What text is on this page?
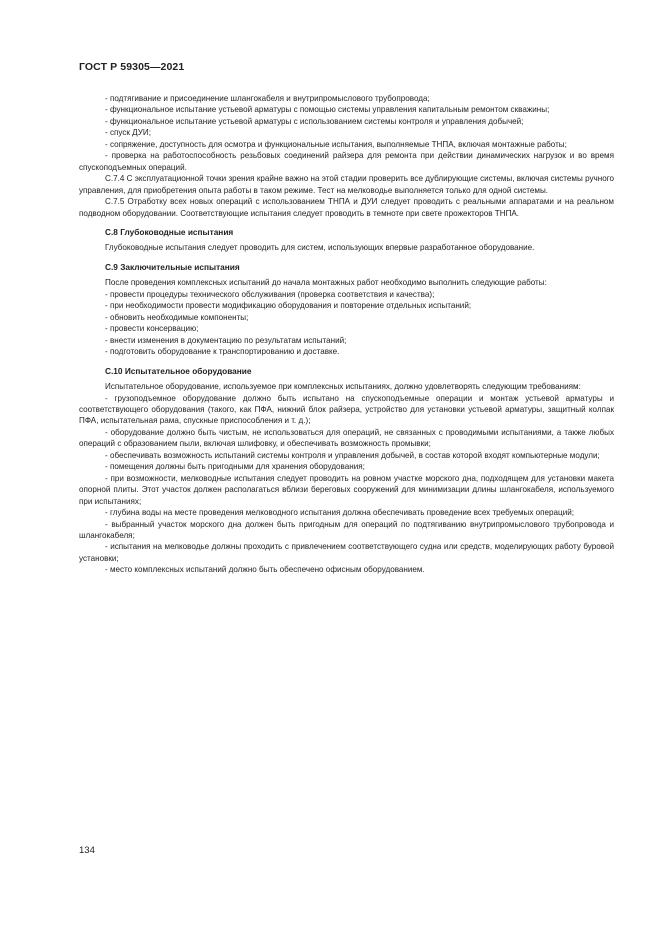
ГОСТ Р 59305—2021

- подтягивание и присоединение шлангокабеля и внутрипромыслового трубопровода;

- функциональное испытание устьевой арматуры с помощью системы управления капитальным ремонтом скважины;

- функциональное испытание устьевой арматуры с использованием системы контроля и управления добычей;

- спуск ДУИ;

- сопряжение, доступность для осмотра и функциональные испытания, выполняемые ТНПА, включая монтажные работы;

- проверка на работоспособность резьбовых соединений райзера для ремонта при действии динамических нагрузок и во время спускоподъемных операций.

С.7.4 С эксплуатационной точки зрения крайне важно на этой стадии проверить все дублирующие системы, включая системы ручного управления, для приобретения опыта работы в таком режиме. Тест на мелководье выполняется только для одной системы.

С.7.5 Отработку всех новых операций с использованием ТНПА и ДУИ следует проводить с реальными аппаратами и на реальном подводном оборудовании. Соответствующие испытания следует проводить в темноте при свете прожекторов ТНПА.

С.8 Глубоководные испытания

Глубоководные испытания следует проводить для систем, использующих впервые разработанное оборудование.

С.9 Заключительные испытания

После проведения комплексных испытаний до начала монтажных работ необходимо выполнить следующие работы:

- провести процедуры технического обслуживания (проверка соответствия и качества);

- при необходимости провести модификацию оборудования и повторение отдельных испытаний;

- обновить необходимые компоненты;

- провести консервацию;

- внести изменения в документацию по результатам испытаний;

- подготовить оборудование к транспортированию и доставке.

С.10 Испытательное оборудование

Испытательное оборудование, используемое при комплексных испытаниях, должно удовлетворять следующим требованиям:

- грузоподъемное оборудование должно быть испытано на спускоподъемные операции и монтаж устьевой арматуры и соответствующего оборудования (такого, как ПФА, нижний блок райзера, устройство для установки устьевой арматуры, защитный колпак ПФА, испытательная рама, спускные приспособления и т. д.);

- оборудование должно быть чистым, не использоваться для операций, не связанных с проводимыми испытаниями, а также любых операций с образованием пыли, включая шлифовку, и обеспечивать возможность промывки;

- обеспечивать возможность испытаний системы контроля и управления добычей, в состав которой входят компьютерные модули;

- помещения должны быть пригодными для хранения оборудования;

- при возможности, мелководные испытания следует проводить на ровном участке морского дна, подходящем для установки макета опорной плиты. Этот участок должен располагаться вблизи береговых сооружений для минимизации длины шлангокабеля, используемого при испытаниях;

- глубина воды на месте проведения мелководного испытания должна обеспечивать проведение всех требуемых операций;

- выбранный участок морского дна должен быть пригодным для операций по подтягиванию внутрипромыслового трубопровода и шлангокабеля;

- испытания на мелководье должны проходить с привлечением соответствующего судна или средств, моделирующих работу буровой установки;

- место комплексных испытаний должно быть обеспечено офисным оборудованием.

134
